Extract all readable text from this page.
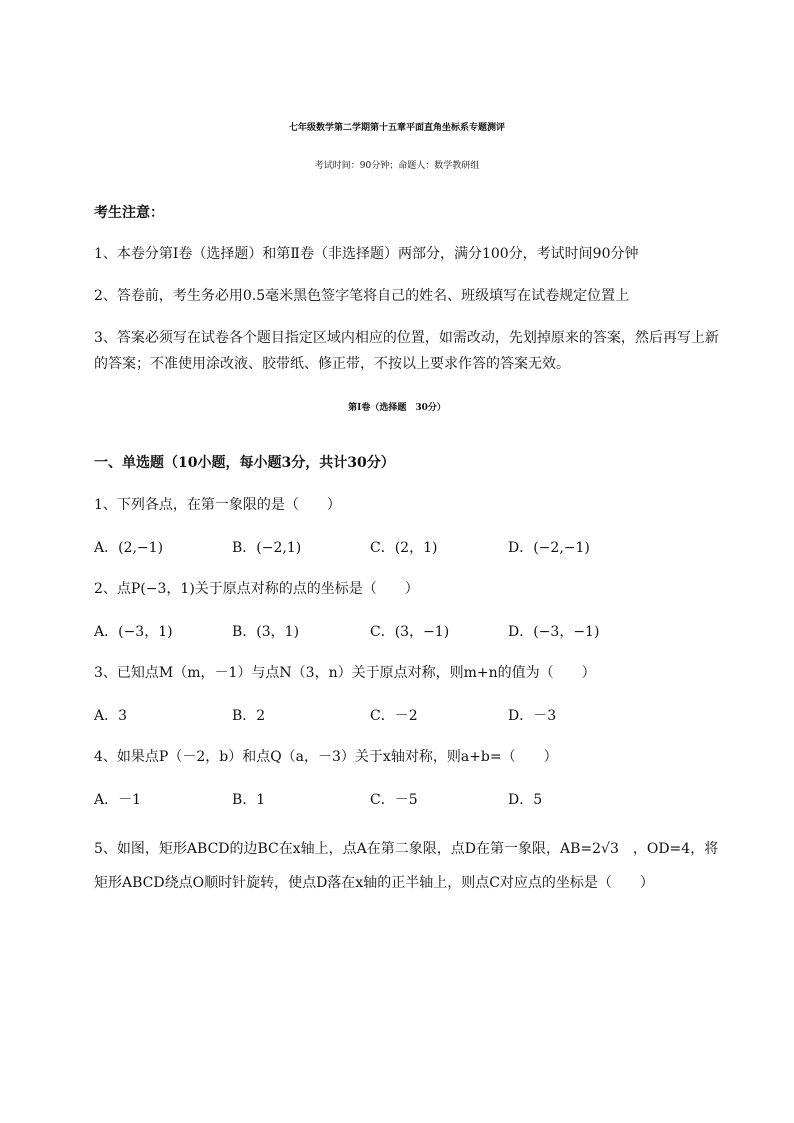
七年级数学第二学期第十五章平面直角坐标系专题测评
考试时间：90分钟；命题人：数学教研组
考生注意：
1、本卷分第Ⅰ卷（选择题）和第Ⅱ卷（非选择题）两部分，满分100分，考试时间90分钟
2、答卷前，考生务必用0.5毫米黑色签字笔将自己的姓名、班级填写在试卷规定位置上
3、答案必须写在试卷各个题目指定区域内相应的位置，如需改动，先划掉原来的答案，然后再写上新
的答案；不准使用涂改液、胶带纸、修正带，不按以上要求作答的答案无效。
第Ⅰ卷（选择题　30分）
一、单选题（10小题，每小题3分，共计30分）
1、下列各点，在第一象限的是（　　）
A．(2,−1)	B．(−2,1)	C．(2，1)	D．(−2,−1)
2、点P(−3，1)关于原点对称的点的坐标是（　　）
A．(−3，1)	B．(3，1)	C．(3，−1)	D．(−3，−1)
3、已知点M（m，－1）与点N（3，n）关于原点对称，则m+n的值为（　　）
A．3	B．2	C．－2	D．－3
4、如果点P（－2，b）和点Q（a，－3）关于x轴对称，则a+b=（　　）
A．－1	B．1	C．－5	D．5
5、如图，矩形ABCD的边BC在x轴上，点A在第二象限，点D在第一象限，AB=2√3　，OD=4，将
矩形ABCD绕点O顺时针旋转，使点D落在x轴的正半轴上，则点C对应点的坐标是（　　）
